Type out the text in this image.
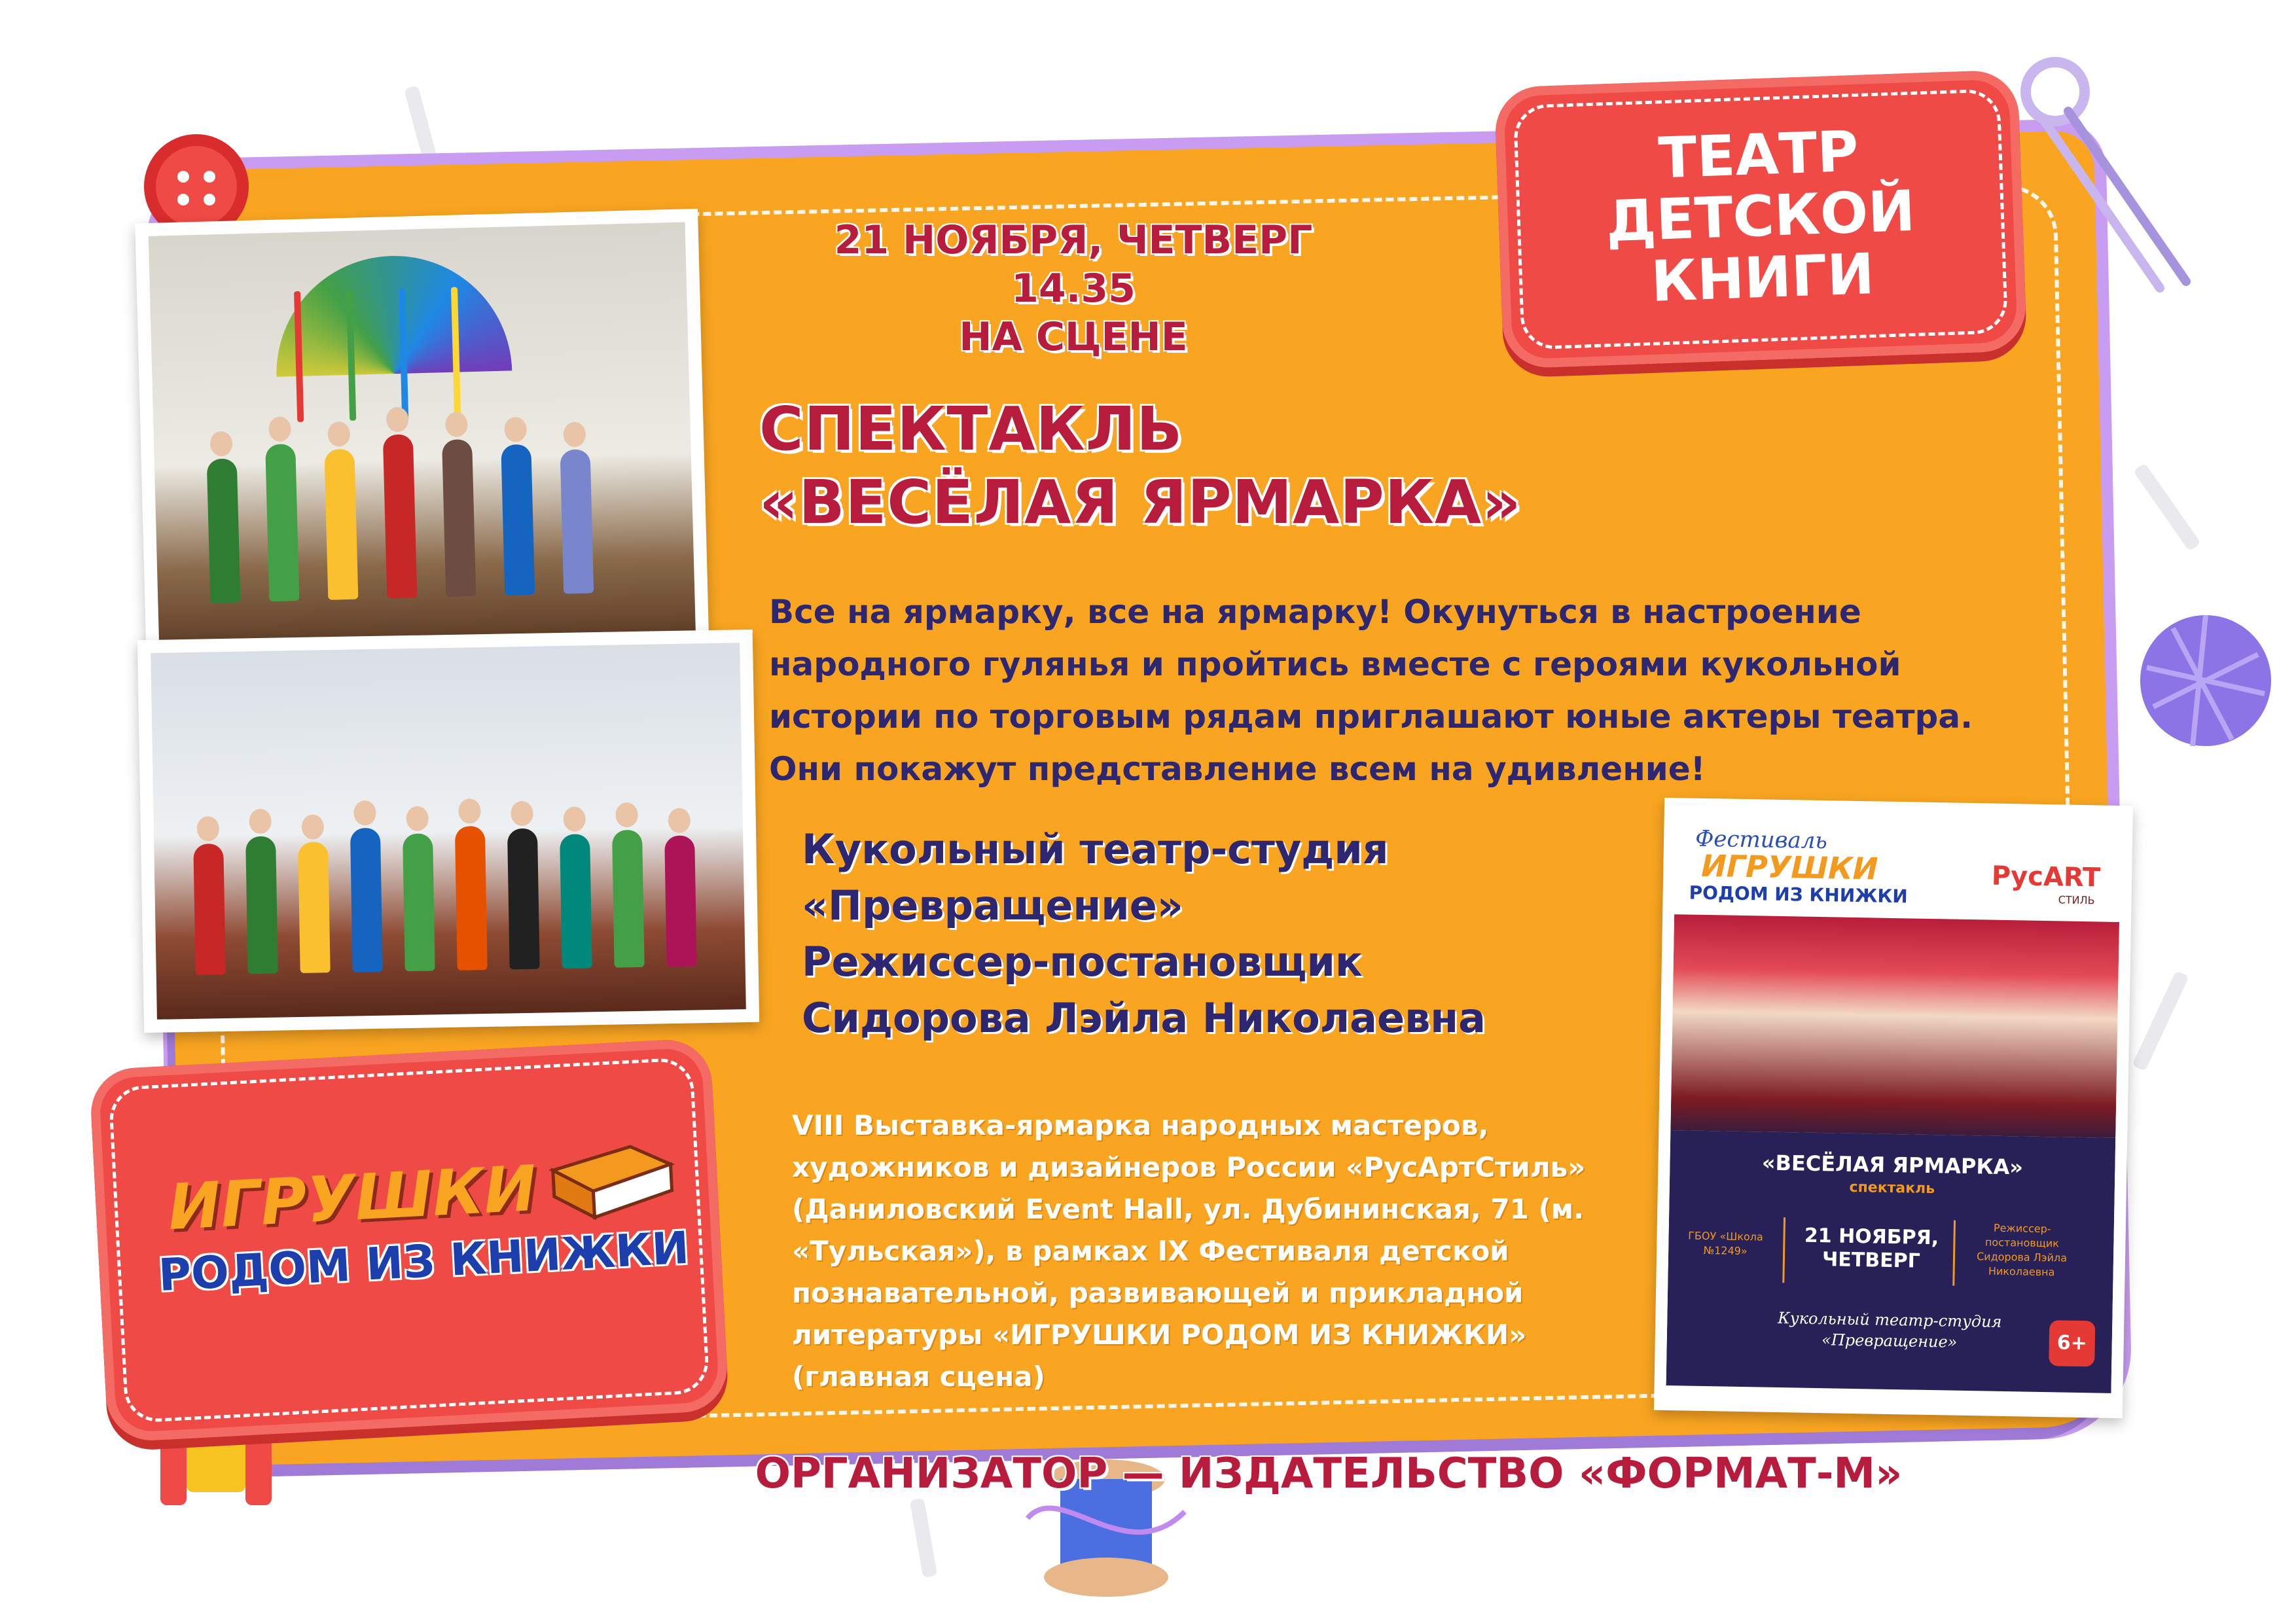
ТЕАТР
ДЕТСКОЙ
КНИГИ
21 НОЯБРЯ, ЧЕТВЕРГ
14.35
НА СЦЕНЕ
СПЕКТАКЛЬ
«ВЕСЁЛАЯ ЯРМАРКА»
Все на ярмарку, все на ярмарку! Окунуться в настроение народного гулянья и пройтись вместе с героями кукольной истории по торговым рядам приглашают юные актеры театра. Они покажут представление всем на удивление!
Кукольный театр-студия
«Превращение»
Режиссер-постановщик
Сидорова Лэйла Николаевна
VIII Выставка-ярмарка народных мастеров, художников и дизайнеров России «РусАртСтиль» (Даниловский Event Hall, ул. Дубининская, 71 (м. «Тульская»), в рамках IX Фестиваля детской познавательной, развивающей и прикладной литературы «ИГРУШКИ РОДОМ ИЗ КНИЖКИ» (главная сцена)
ОРГАНИЗАТОР — ИЗДАТЕЛЬСТВО «ФОРМАТ-М»
ИГРУШКИ
РОДОМ ИЗ КНИЖКИ
Фестиваль
ИГРУШКИ
РОДОМ ИЗ КНИЖКИ
РусART
СТИЛЬ
«ВЕСЁЛАЯ ЯРМАРКА»
спектакль
ГБОУ «Школа №1249»
21 НОЯБРЯ, ЧЕТВЕРГ
Режиссер-постановщик Сидорова Лэйла Николаевна
Кукольный театр-студия
«Превращение»	6+
